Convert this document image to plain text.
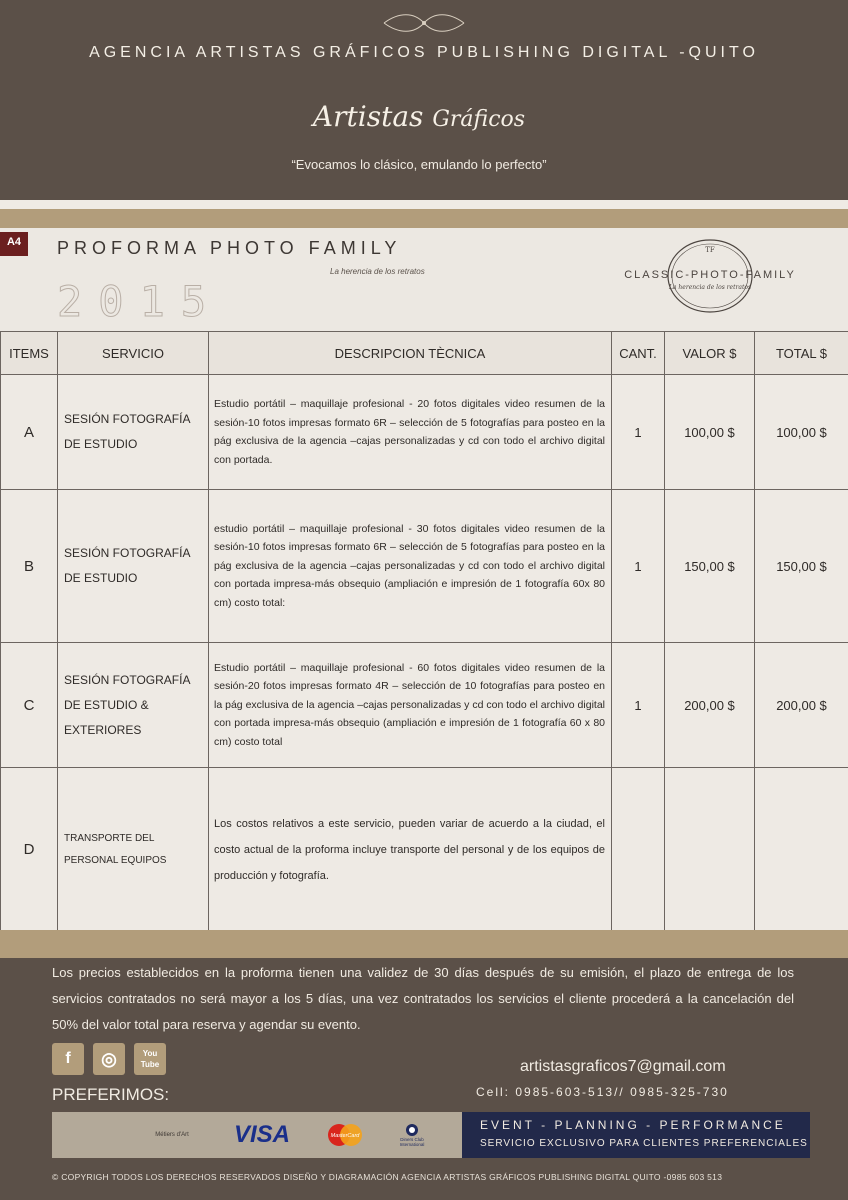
AGENCIA ARTISTAS GRÁFICOS PUBLISHING DIGITAL -QUITO
Artistas Gráficos
“Evocamos lo clásico, emulando lo perfecto”
A4	PROFORMA PHOTO FAMILY
La herencia de los retratos
2015
TF
CLASSIC-PHOTO-FAMILY
La herencia de los retratos
ITEMS	SERVICIO	DESCRIPCION TÈCNICA	CANT.	VALOR $	TOTAL $
A	SESIÓN FOTOGRAFÍA DE ESTUDIO	Estudio portátil – maquillaje profesional - 20 fotos digitales video resumen de la sesión-10 fotos impresas formato 6R – selección de 5 fotografías para posteo en la pág exclusiva de la agencia –cajas personalizadas y cd con todo el archivo digital con portada.	1	100,00 $	100,00 $
B	SESIÓN FOTOGRAFÍA DE ESTUDIO	estudio portátil – maquillaje profesional - 30 fotos digitales video resumen de la sesión-10 fotos impresas formato 6R – selección de 5 fotografías para posteo en la pág exclusiva de la agencia –cajas personalizadas y cd con todo el archivo digital con portada impresa-más obsequio (ampliación e impresión de 1 fotografía 60x 80 cm) costo total:	1	150,00 $	150,00 $
C	SESIÓN FOTOGRAFÍA DE ESTUDIO & EXTERIORES	Estudio portátil – maquillaje profesional - 60 fotos digitales video resumen de la sesión-20 fotos impresas formato 4R – selección de 10 fotografías para posteo en la pág exclusiva de la agencia –cajas personalizadas y cd con todo el archivo digital con portada impresa-más obsequio (ampliación e impresión de 1 fotografía 60 x 80 cm) costo total	1	200,00 $	200,00 $
D	TRANSPORTE DEL PERSONAL EQUIPOS	Los costos relativos a este servicio, pueden variar de acuerdo a la ciudad, el costo actual de la proforma incluye transporte del personal y de los equipos de producción y fotografía.			
Los precios establecidos en la proforma tienen una validez de 30 días después de su emisión, el plazo de entrega de los servicios contratados no será mayor a los 5 días, una vez contratados los servicios el cliente procederá a la cancelación del 50% del valor total para reserva y agendar su evento.
f	◎	You Tube
PREFERIMOS:
artistasgraficos7@gmail.com
Cell: 0985-603-513// 0985-325-730
Métiers d'Art	VISA	MasterCard
Diners Club International
EVENT - PLANNING - PERFORMANCE
SERVICIO EXCLUSIVO PARA CLIENTES PREFERENCIALES
© COPYRIGH TODOS LOS DERECHOS RESERVADOS DISEÑO Y DIAGRAMACIÓN AGENCIA ARTISTAS GRÁFICOS PUBLISHING DIGITAL QUITO -0985 603 513
